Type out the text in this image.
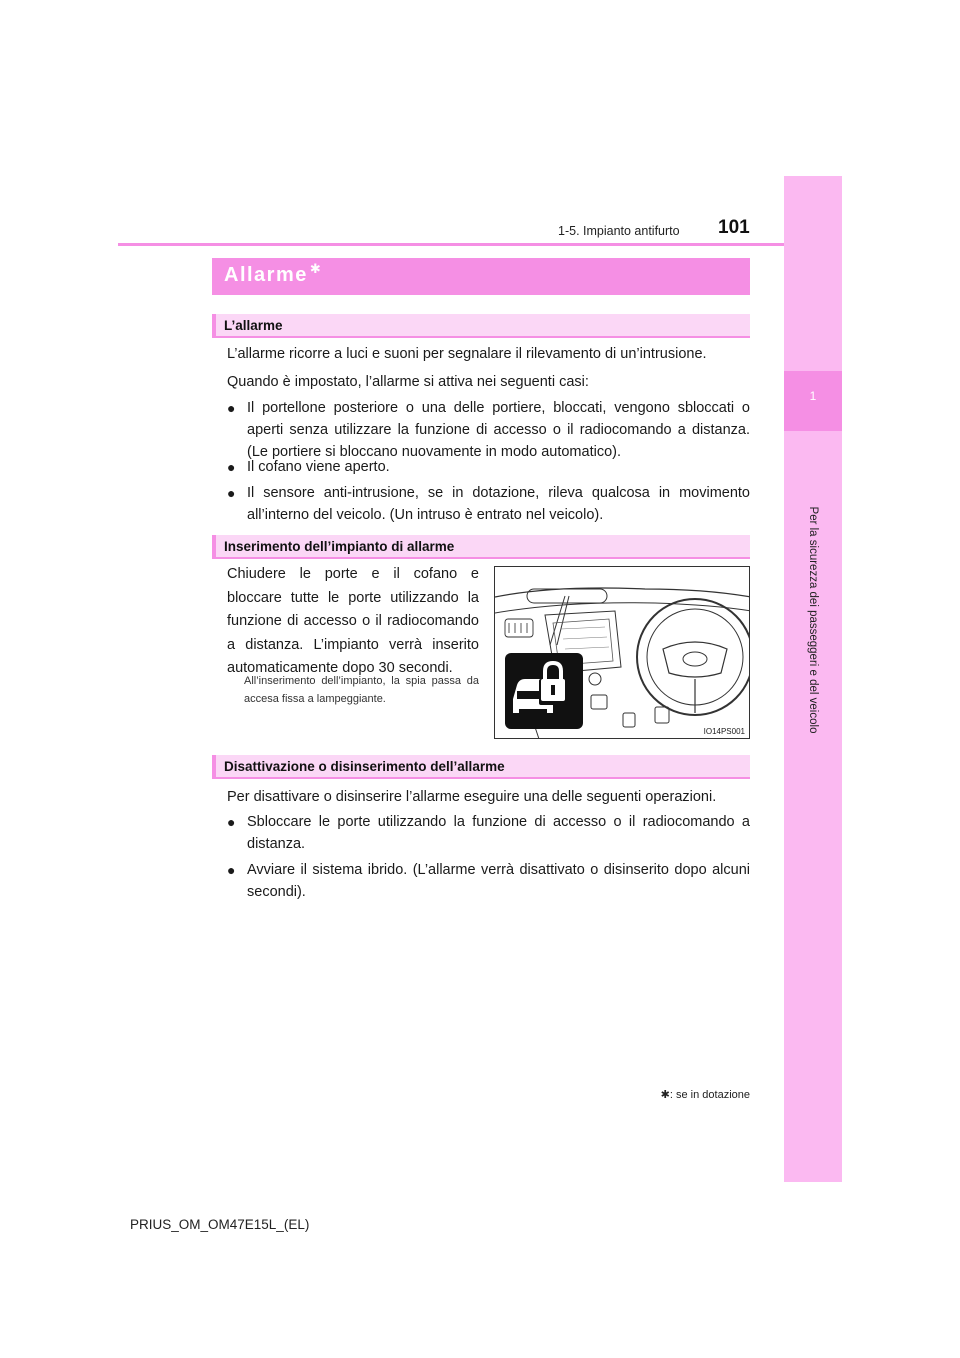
1
Per la sicurezza dei passeggeri e del veicolo
1-5. Impianto antifurto 101
Allarme ✱
L’allarme
L’allarme ricorre a luci e suoni per segnalare il rilevamento di un’intrusione.
Quando è impostato, l’allarme si attiva nei seguenti casi:
● Il portellone posteriore o una delle portiere, bloccati, vengono sbloccati o aperti senza utilizzare la funzione di accesso o il radiocomando a distanza. (Le portiere si bloccano nuovamente in modo automatico).
● Il cofano viene aperto.
● Il sensore anti-intrusione, se in dotazione, rileva qualcosa in movimento all’interno del veicolo. (Un intruso è entrato nel veicolo).
Inserimento dell’impianto di allarme
Chiudere le porte e il cofano e bloccare tutte le porte utilizzando la funzione di accesso o il radiocomando a distanza. L’impianto verrà inserito automaticamente dopo 30 secondi.
All’inserimento dell’impianto, la spia passa da accesa fissa a lampeggiante.
IO14PS001
Disattivazione o disinserimento dell’allarme
Per disattivare o disinserire l’allarme eseguire una delle seguenti operazioni.
● Sbloccare le porte utilizzando la funzione di accesso o il radiocomando a distanza.
● Avviare il sistema ibrido. (L’allarme verrà disattivato o disinserito dopo alcuni secondi).
✱: se in dotazione
PRIUS_OM_OM47E15L_(EL)
